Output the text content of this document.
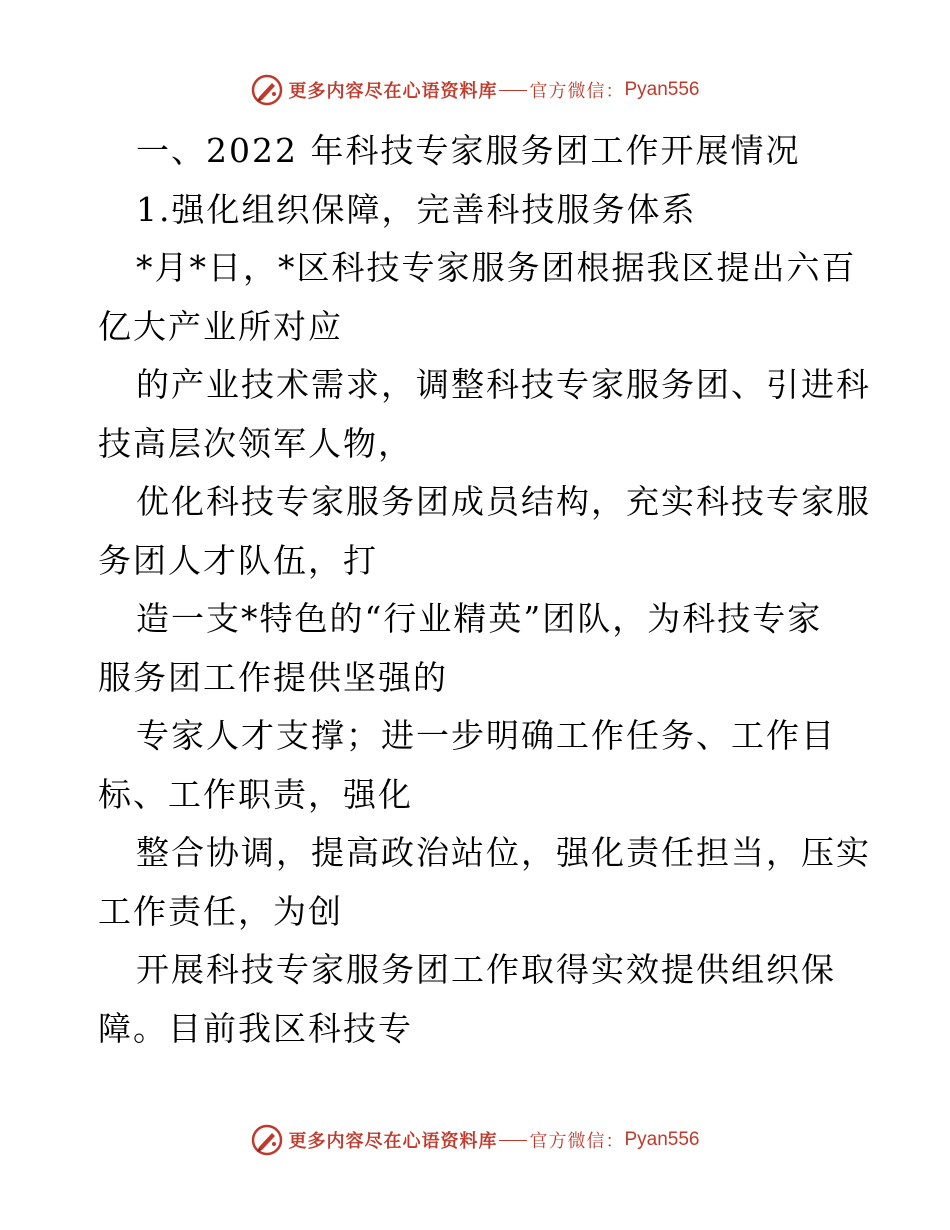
更多内容尽在心语资料库 官方微信： Pyan556
一、2022 年科技专家服务团工作开展情况
1.强化组织保障，完善科技服务体系
*月*日，*区科技专家服务团根据我区提出六百
亿大产业所对应
的产业技术需求，调整科技专家服务团、引进科
技高层次领军人物，
优化科技专家服务团成员结构，充实科技专家服
务团人才队伍，打
造一支*特色的“行业精英”团队，为科技专家
服务团工作提供坚强的
专家人才支撑；进一步明确工作任务、工作目
标、工作职责，强化
整合协调，提高政治站位，强化责任担当，压实
工作责任，为创
开展科技专家服务团工作取得实效提供组织保
障。目前我区科技专
更多内容尽在心语资料库 官方微信： Pyan556
